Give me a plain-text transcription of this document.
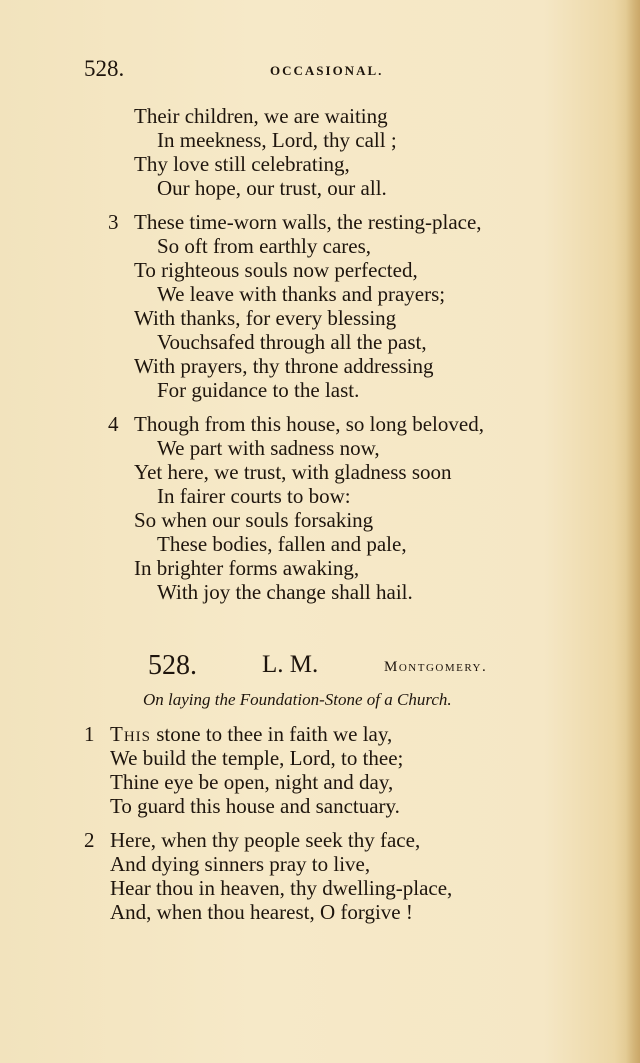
528.	OCCASIONAL.
Their children, we are waiting
In meekness, Lord, thy call ;
Thy love still celebrating,
Our hope, our trust, our all.
3 These time-worn walls, the resting-place,
So oft from earthly cares,
To righteous souls now perfected,
We leave with thanks and prayers;
With thanks, for every blessing
Vouchsafed through all the past,
With prayers, thy throne addressing
For guidance to the last.
4 Though from this house, so long beloved,
We part with sadness now,
Yet here, we trust, with gladness soon
In fairer courts to bow:
So when our souls forsaking
These bodies, fallen and pale,
In brighter forms awaking,
With joy the change shall hail.
528.	L. M.	Montgomery.
On laying the Foundation-Stone of a Church.
1 This stone to thee in faith we lay,
We build the temple, Lord, to thee;
Thine eye be open, night and day,
To guard this house and sanctuary.
2 Here, when thy people seek thy face,
And dying sinners pray to live,
Hear thou in heaven, thy dwelling-place,
And, when thou hearest, O forgive !
